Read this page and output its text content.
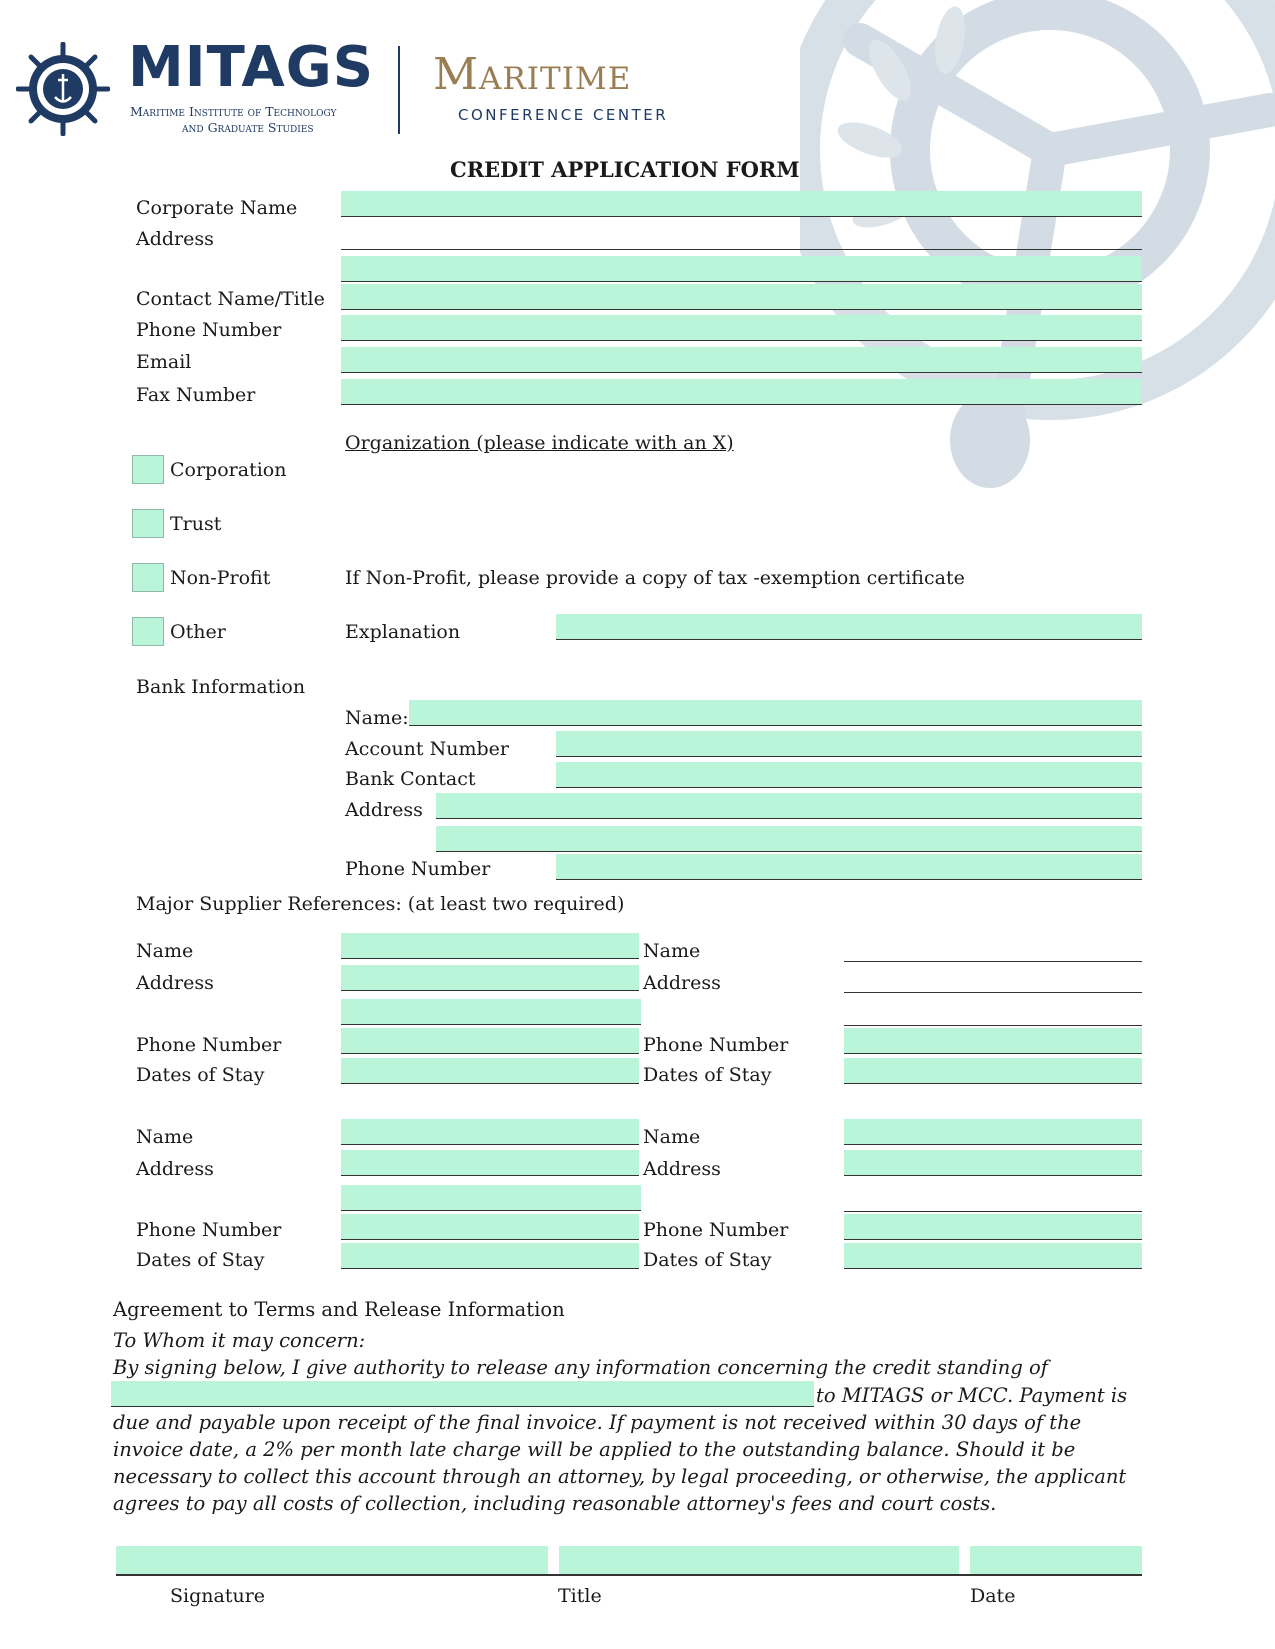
MITAGS
Maritime Institute of Technology
and Graduate Studies
Maritime
CONFERENCE CENTER
CREDIT APPLICATION FORM
Corporate Name
Address
Contact Name/Title
Phone Number
Email
Fax Number
Organization (please indicate with an X)
Corporation
Trust
Non-Profit	If Non-Profit, please provide a copy of tax -exemption certificate
Other	Explanation
Bank Information
Name:
Account Number
Bank Contact
Address
Phone Number
Major Supplier References: (at least two required)
Name
Address
Phone Number
Dates of Stay
Name
Address
Phone Number
Dates of Stay
Name
Address
Phone Number
Dates of Stay
Name
Address
Phone Number
Dates of Stay
Agreement to Terms and Release Information
To Whom it may concern:
By signing below, I give authority to release any information concerning the credit standing of
to MITAGS or MCC. Payment is
due and payable upon receipt of the final invoice. If payment is not received within 30 days of the
invoice date, a 2% per month late charge will be applied to the outstanding balance. Should it be
necessary to collect this account through an attorney, by legal proceeding, or otherwise, the applicant
agrees to pay all costs of collection, including reasonable attorney's fees and court costs.
Signature	Title	Date
